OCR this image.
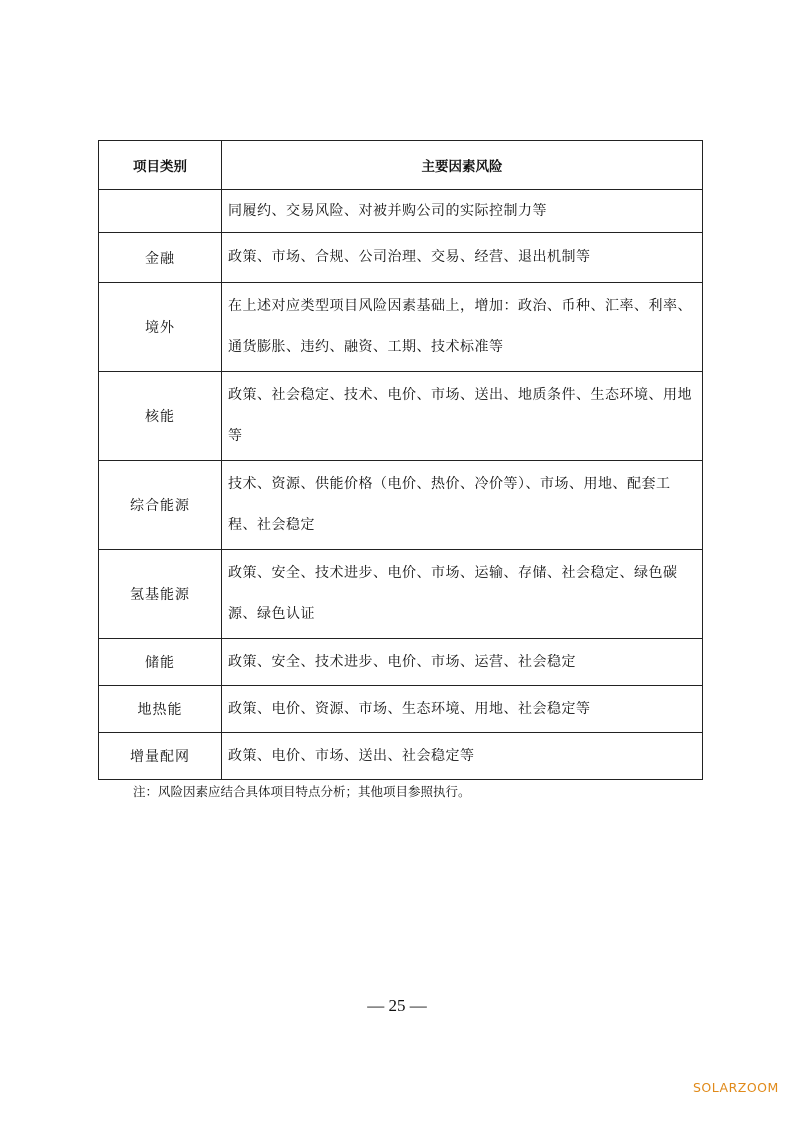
项目类别	主要因素风险
	同履约、交易风险、对被并购公司的实际控制力等
金融	政策、市场、合规、公司治理、交易、经营、退出机制等
境外	在上述对应类型项目风险因素基础上，增加：政治、币种、汇率、利率、通货膨胀、违约、融资、工期、技术标准等
核能	政策、社会稳定、技术、电价、市场、送出、地质条件、生态环境、用地等
综合能源	技术、资源、供能价格（电价、热价、冷价等）、市场、用地、配套工程、社会稳定
氢基能源	政策、安全、技术进步、电价、市场、运输、存储、社会稳定、绿色碳源、绿色认证
储能	政策、安全、技术进步、电价、市场、运营、社会稳定
地热能	政策、电价、资源、市场、生态环境、用地、社会稳定等
增量配网	政策、电价、市场、送出、社会稳定等
注：风险因素应结合具体项目特点分析；其他项目参照执行。
— 25 —
SOLARZOOM
